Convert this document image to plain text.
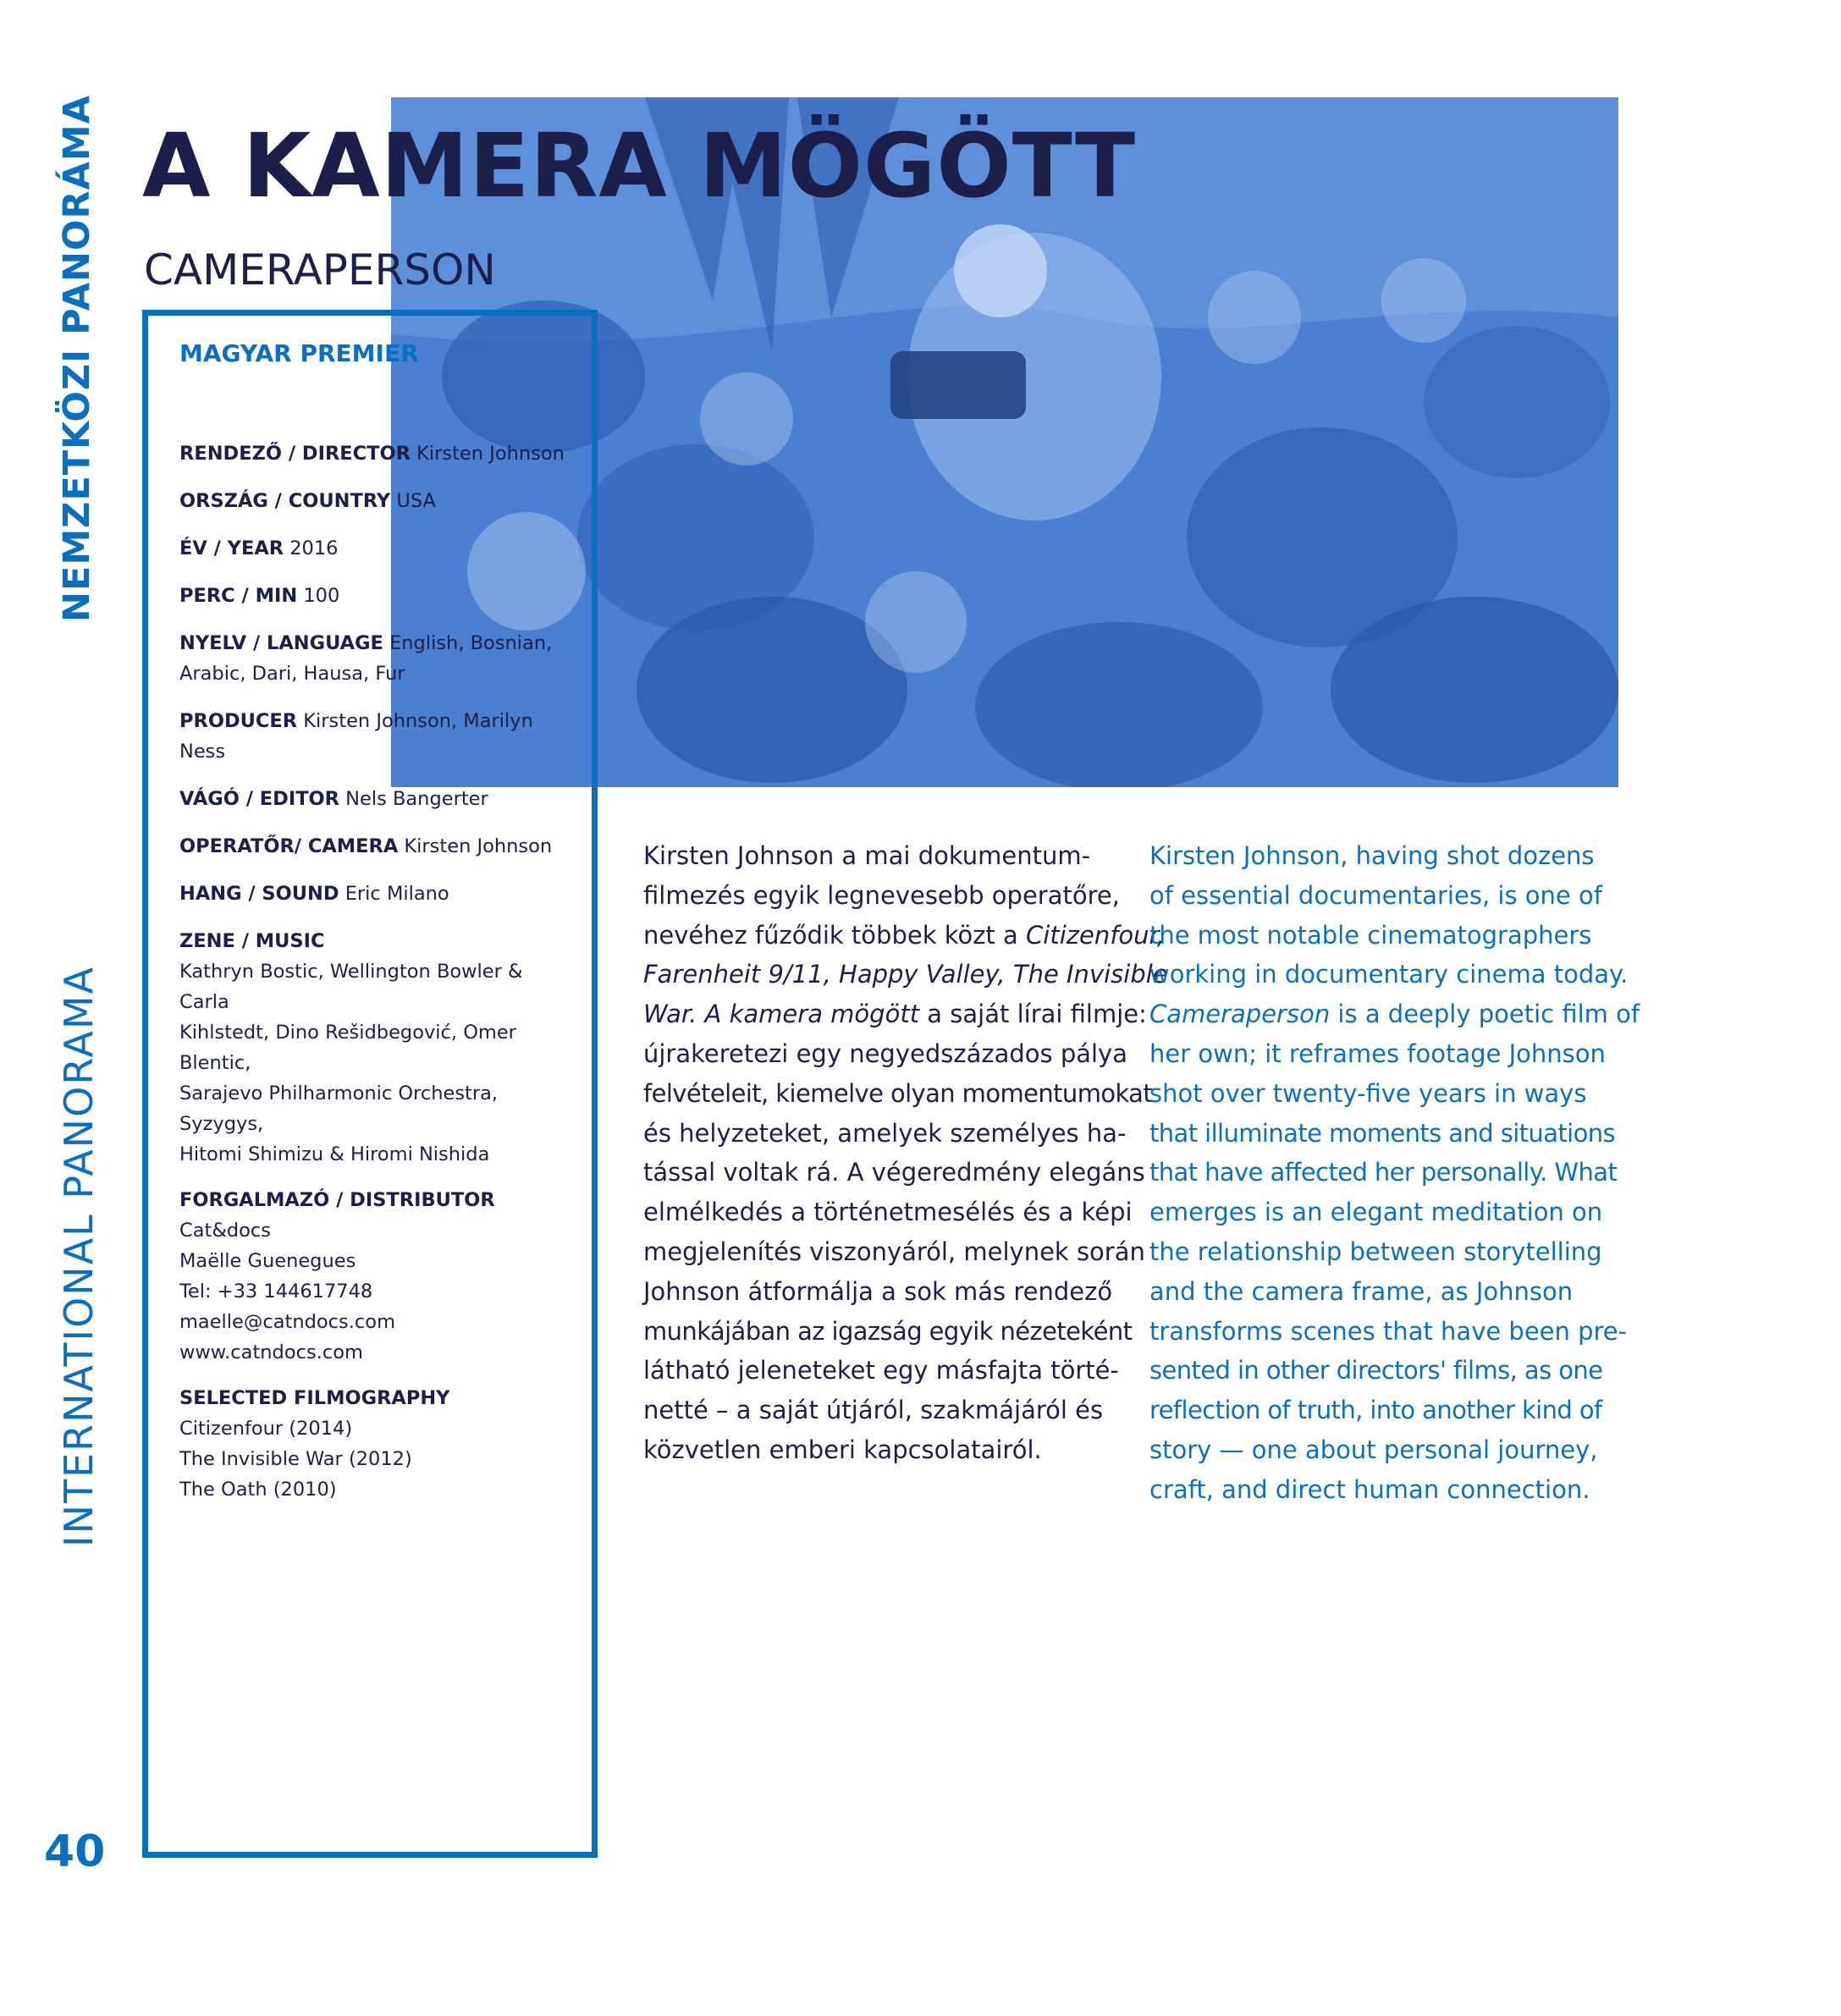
NEMZETKÖZI PANORÁMA
INTERNATIONAL PANORAMA
40
A KAMERA MÖGÖTT
CAMERAPERSON
MAGYAR PREMIER
RENDEZŐ / DIRECTOR Kirsten Johnson
ORSZÁG / COUNTRY USA
ÉV / YEAR 2016
PERC / MIN 100
NYELV / LANGUAGE English, Bosnian,
Arabic, Dari, Hausa, Fur
PRODUCER Kirsten Johnson, Marilyn Ness
VÁGÓ / EDITOR Nels Bangerter
OPERATŐR/ CAMERA Kirsten Johnson
HANG / SOUND Eric Milano
ZENE / MUSIC
Kathryn Bostic, Wellington Bowler & Carla
Kihlstedt, Dino Rešidbegović, Omer Blentic,
Sarajevo Philharmonic Orchestra, Syzygys,
Hitomi Shimizu & Hiromi Nishida
FORGALMAZÓ / DISTRIBUTOR
Cat&docs
Maëlle Guenegues
Tel: +33 144617748
maelle@catndocs.com
www.catndocs.com
SELECTED FILMOGRAPHY
Citizenfour (2014)
The Invisible War (2012)
The Oath (2010)
Kirsten Johnson a mai dokumentum-
filmezés egyik legnevesebb operatőre,
nevéhez fűződik többek közt a Citizenfour,
Farenheit 9/11, Happy Valley, The Invisible
War. A kamera mögött a saját lírai filmje:
újrakeretezi egy negyedszázados pálya
felvételeit, kiemelve olyan momentumokat
és helyzeteket, amelyek személyes ha-
tással voltak rá. A végeredmény elegáns
elmélkedés a történetmesélés és a képi
megjelenítés viszonyáról, melynek során
Johnson átformálja a sok más rendező
munkájában az igazság egyik nézeteként
látható jeleneteket egy másfajta törté-
netté – a saját útjáról, szakmájáról és
közvetlen emberi kapcsolatairól.
Kirsten Johnson, having shot dozens
of essential documentaries, is one of
the most notable cinematographers
working in documentary cinema today.
Cameraperson is a deeply poetic film of
her own; it reframes footage Johnson
shot over twenty-five years in ways
that illuminate moments and situations
that have affected her personally. What
emerges is an elegant meditation on
the relationship between storytelling
and the camera frame, as Johnson
transforms scenes that have been pre-
sented in other directors' films, as one
reflection of truth, into another kind of
story — one about personal journey,
craft, and direct human connection.
